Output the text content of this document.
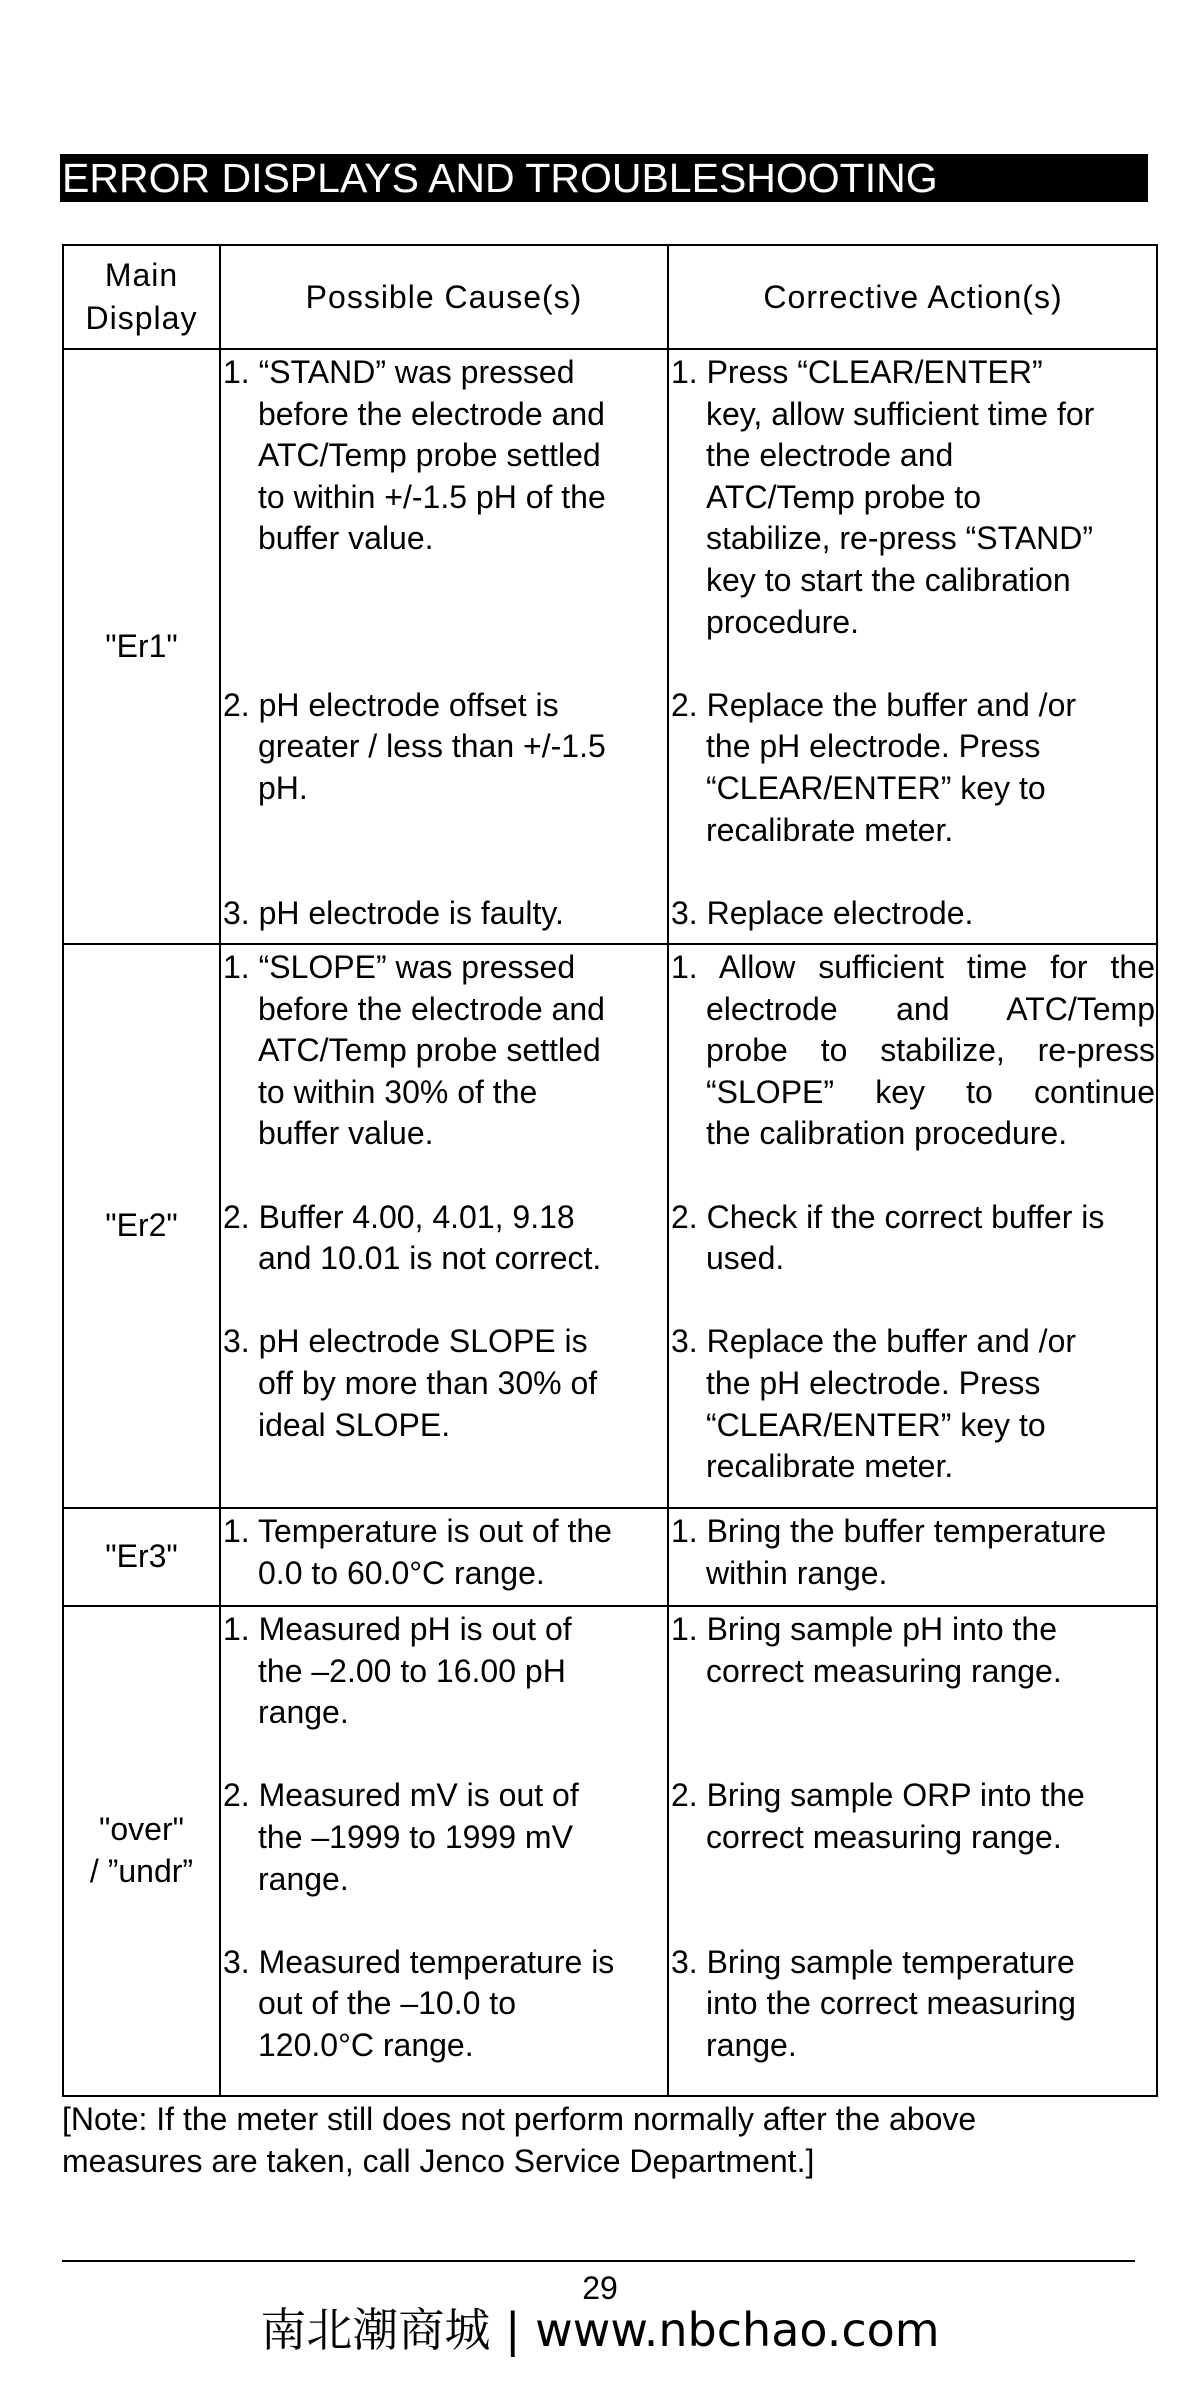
ERROR DISPLAYS AND TROUBLESHOOTING
Main
Display
Possible Cause(s)	Corrective Action(s)
"Er1"
1. “STAND” was pressed
before the electrode and
ATC/Temp probe settled
to within +/-1.5 pH of the
buffer value.
2. pH electrode offset is
greater / less than +/-1.5
pH.
3. pH electrode is faulty.
1. Press “CLEAR/ENTER”
key, allow sufficient time for
the electrode and
ATC/Temp probe to
stabilize, re-press “STAND”
key to start the calibration
procedure.
2. Replace the buffer and /or
the pH electrode. Press
“CLEAR/ENTER” key to
recalibrate meter.
3. Replace electrode.
"Er2"
1. “SLOPE” was pressed
before the electrode and
ATC/Temp probe settled
to within 30% of the
buffer value.
2. Buffer 4.00, 4.01, 9.18
and 10.01 is not correct.
3. pH electrode SLOPE is
off by more than 30% of
ideal SLOPE.
1. Allow sufficient time for the
electrode and ATC/Temp
probe to stabilize, re-press
“SLOPE” key to continue
the calibration procedure.
2. Check if the correct buffer is
used.
3. Replace the buffer and /or
the pH electrode. Press
“CLEAR/ENTER” key to
recalibrate meter.
"Er3"
1. Temperature is out of the
0.0 to 60.0°C range.
1. Bring the buffer temperature
within range.
"over"
/ ”undr”
1. Measured pH is out of
the –2.00 to 16.00 pH
range.
2. Measured mV is out of
the –1999 to 1999 mV
range.
3. Measured temperature is
out of the –10.0 to
120.0°C range.
1. Bring sample pH into the
correct measuring range.
2. Bring sample ORP into the
correct measuring range.
3. Bring sample temperature
into the correct measuring
range.
[Note: If the meter still does not perform normally after the above
measures are taken, call Jenco Service Department.]
29
南北潮商城 | www.nbchao.com
